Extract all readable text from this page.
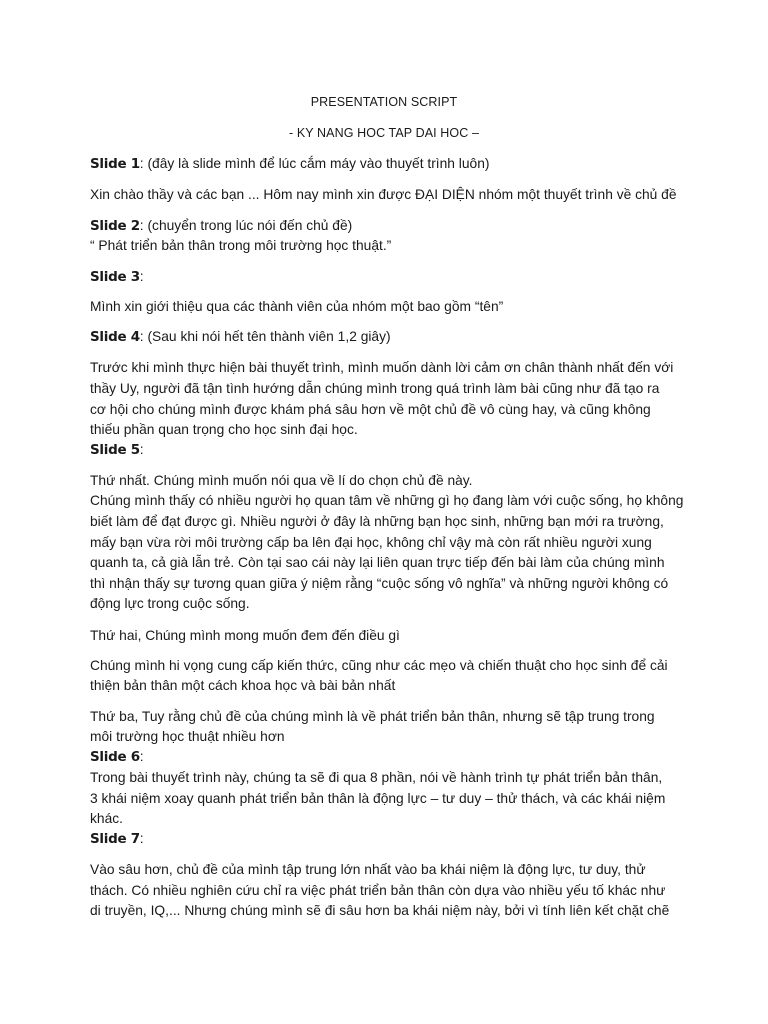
PRESENTATION SCRIPT
- KY NANG HOC TAP DAI HOC –
Slide 1: (đây là slide mình để lúc cắm máy vào thuyết trình luôn)
Xin chào thầy và các bạn ... Hôm nay mình xin được ĐẠI DIỆN nhóm một thuyết trình về chủ đề
Slide 2: (chuyển trong lúc nói đến chủ đề)
“ Phát triển bản thân trong môi trường học thuật.”
Slide 3:
Mình xin giới thiệu qua các thành viên của nhóm một bao gồm “tên”
Slide 4: (Sau khi nói hết tên thành viên 1,2 giây)
Trước khi mình thực hiện bài thuyết trình, mình muốn dành lời cảm ơn chân thành nhất đến với
thầy Uy, người đã tận tình hướng dẫn chúng mình trong quá trình làm bài cũng như đã tạo ra
cơ hội cho chúng mình được khám phá sâu hơn về một chủ đề vô cùng hay, và cũng không
thiếu phần quan trọng cho học sinh đại học.
Slide 5:
Thứ nhất. Chúng mình muốn nói qua về lí do chọn chủ đề này.
Chúng mình thấy có nhiều người họ quan tâm về những gì họ đang làm với cuộc sống, họ không
biết làm để đạt được gì. Nhiều người ở đây là những bạn học sinh, những bạn mới ra trường,
mấy bạn vừa rời môi trường cấp ba lên đại học, không chỉ vậy mà còn rất nhiều người xung
quanh ta, cả già lẫn trẻ. Còn tại sao cái này lại liên quan trực tiếp đến bài làm của chúng mình
thì nhận thấy sự tương quan giữa ý niệm rằng “cuộc sống vô nghĩa” và những người không có
động lực trong cuộc sống.
Thứ hai, Chúng mình mong muốn đem đến điều gì
Chúng mình hi vọng cung cấp kiến thức, cũng như các mẹo và chiến thuật cho học sinh để cải
thiện bản thân một cách khoa học và bài bản nhất
Thứ ba, Tuy rằng chủ đề của chúng mình là về phát triển bản thân, nhưng sẽ tập trung trong
môi trường học thuật nhiều hơn
Slide 6:
Trong bài thuyết trình này, chúng ta sẽ đi qua 8 phần, nói về hành trình tự phát triển bản thân,
3 khái niệm xoay quanh phát triển bản thân là động lực – tư duy – thử thách, và các khái niệm
khác.
Slide 7:
Vào sâu hơn, chủ đề của mình tập trung lớn nhất vào ba khái niệm là động lực, tư duy, thử
thách. Có nhiều nghiên cứu chỉ ra việc phát triển bản thân còn dựa vào nhiều yếu tố khác như
di truyền, IQ,... Nhưng chúng mình sẽ đi sâu hơn ba khái niệm này, bởi vì tính liên kết chặt chẽ
